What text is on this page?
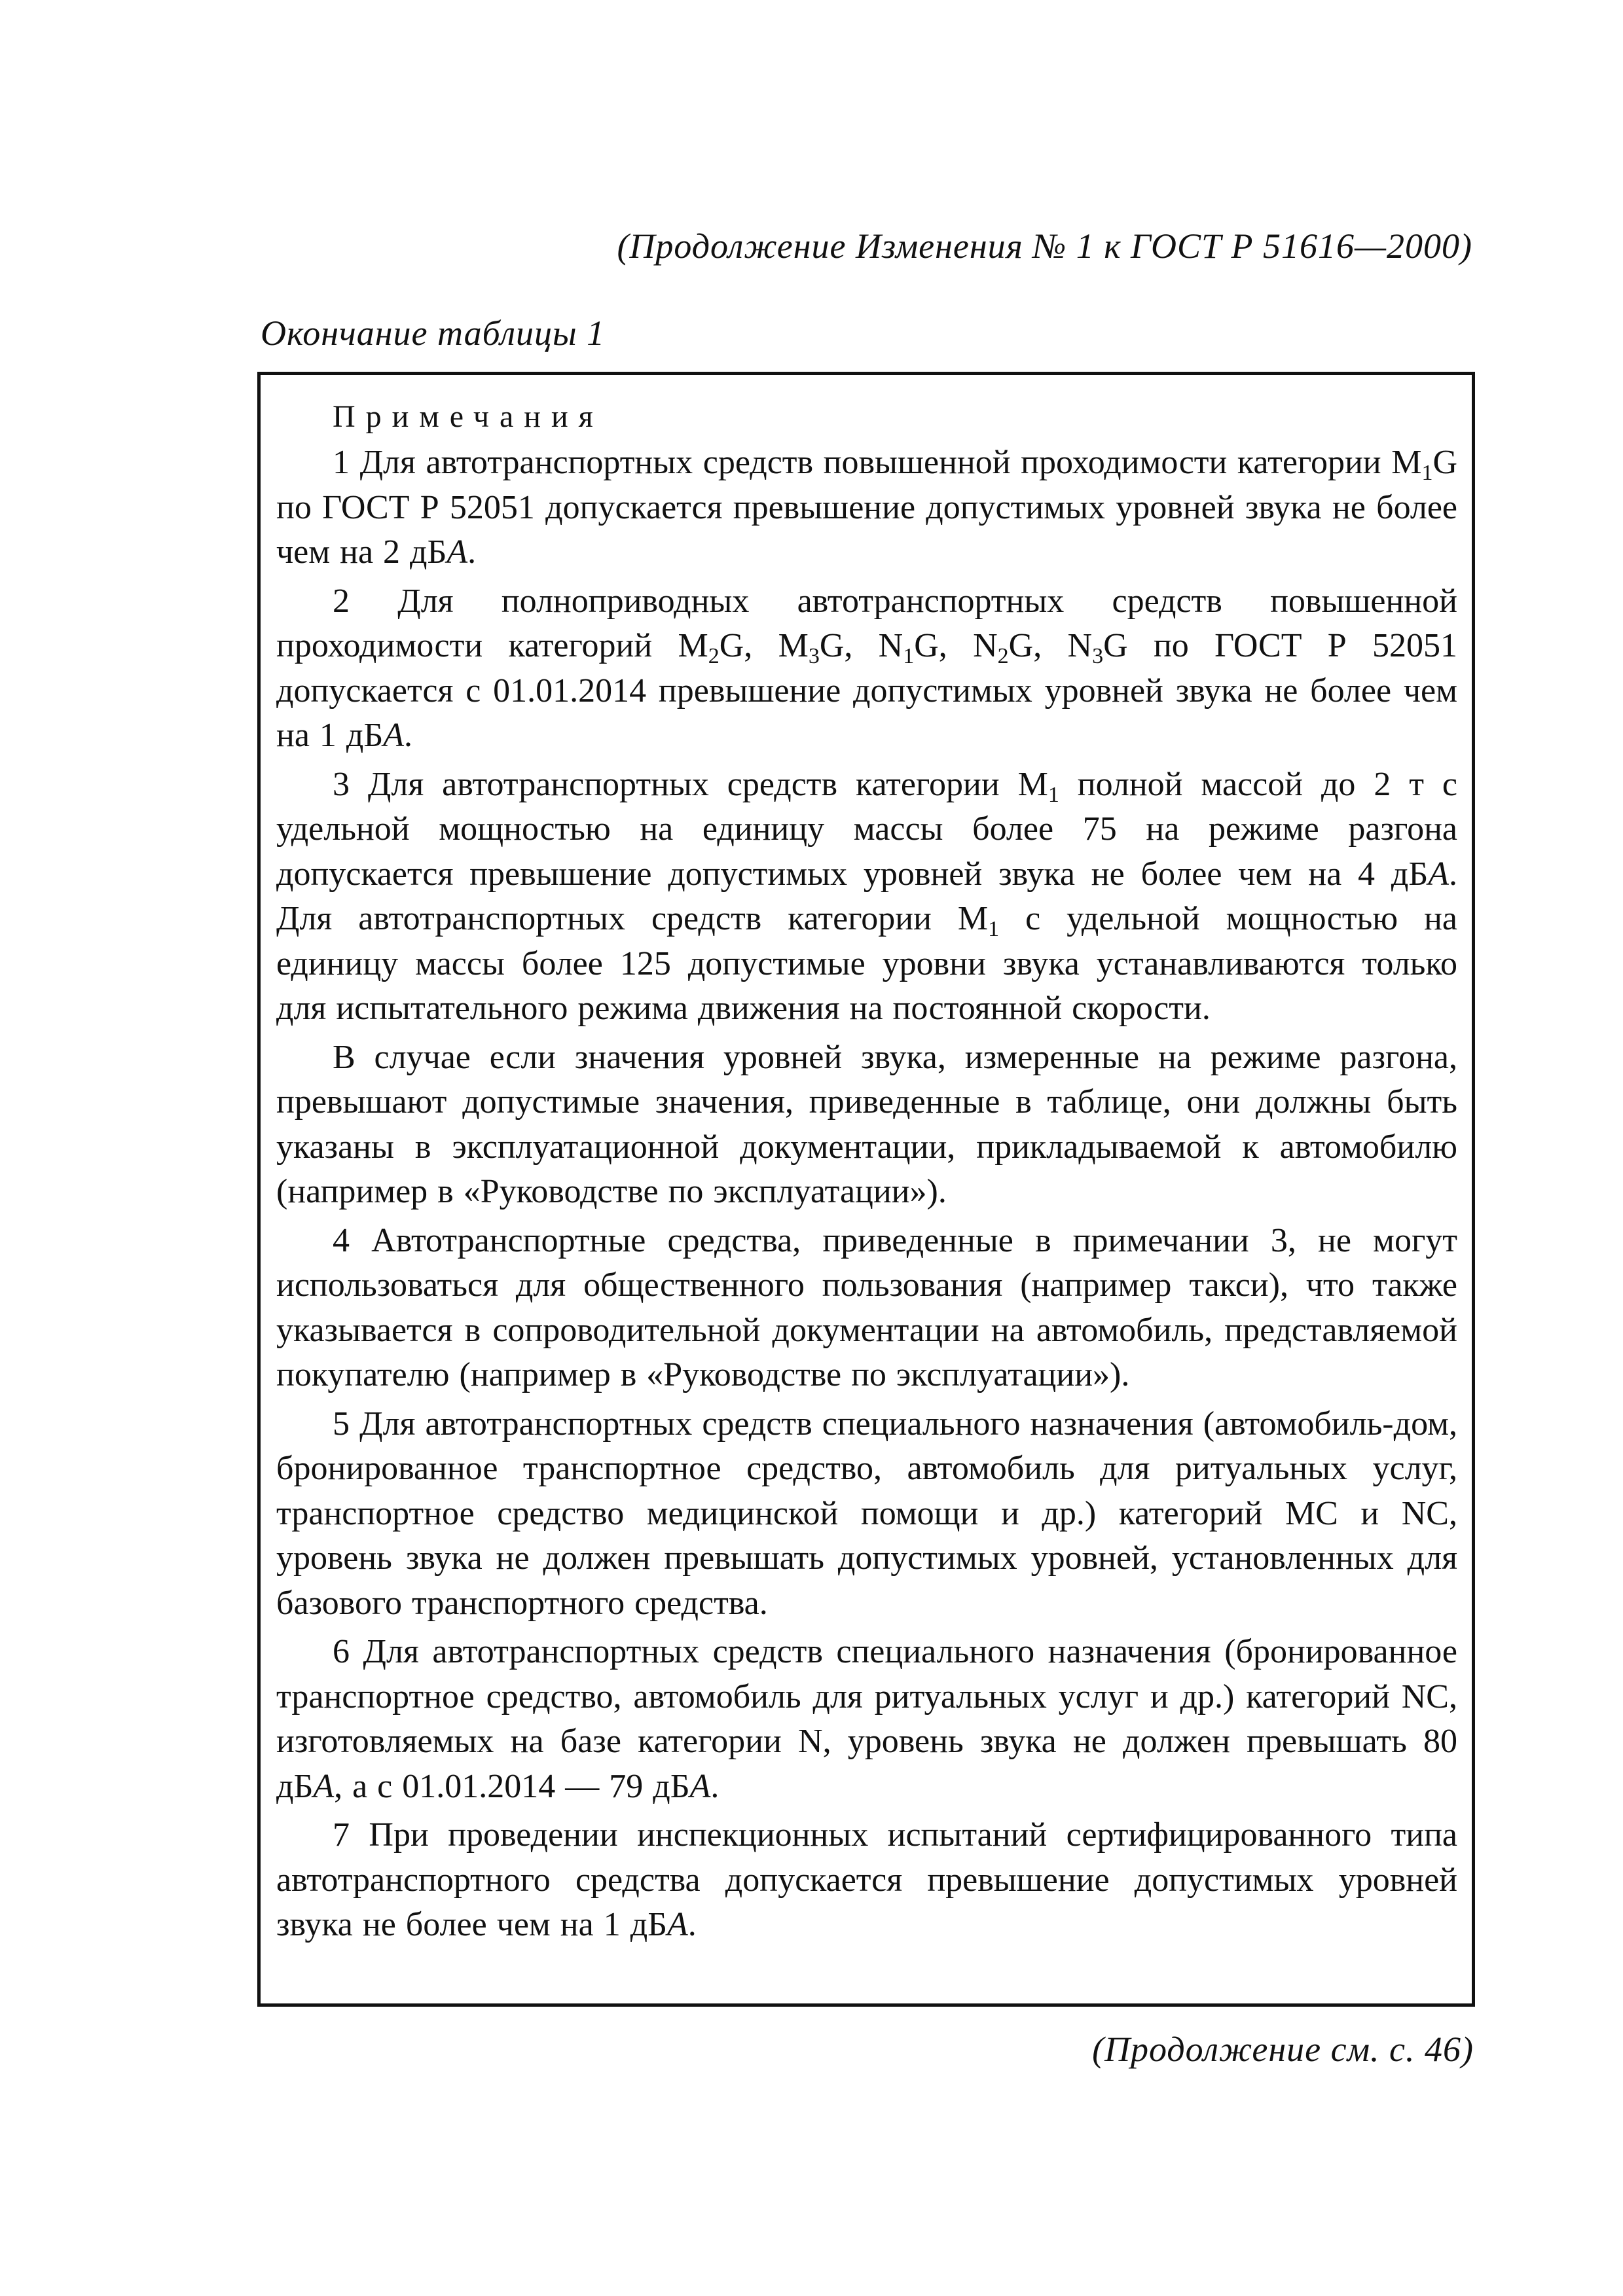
(Продолжение Изменения № 1 к ГОСТ Р 51616—2000)
Окончание таблицы 1
Примечания

1 Для автотранспортных средств повышенной проходимости категории $M_1G$ по ГОСТ Р 52051 допускается превышение допустимых уровней звука не более чем на 2 дБА.

2 Для полноприводных автотранспортных средств повышенной проходимости категорий $M_2G$, $M_3G$, $N_1G$, $N_2G$, $N_3G$ по ГОСТ Р 52051 допускается с 01.01.2014 превышение допустимых уровней звука не более чем на 1 дБА.

3 Для автотранспортных средств категории $M_1$ полной массой до 2 т с удельной мощностью на единицу массы более 75 на режиме разгона допускается превышение допустимых уровней звука не более чем на 4 дБА. Для автотранспортных средств категории $M_1$ с удельной мощностью на единицу массы более 125 допустимые уровни звука устанавливаются только для испытательного режима движения на постоянной скорости.

В случае если значения уровней звука, измеренные на режиме разгона, превышают допустимые значения, приведенные в таблице, они должны быть указаны в эксплуатационной документации, прикладываемой к автомобилю (например в «Руководстве по эксплуатации»).

4 Автотранспортные средства, приведенные в примечании 3, не могут использоваться для общественного пользования (например такси), что также указывается в сопроводительной документации на автомобиль, представляемой покупателю (например в «Руководстве по эксплуатации»).

5 Для автотранспортных средств специального назначения (автомобиль-дом, бронированное транспортное средство, автомобиль для ритуальных услуг, транспортное средство медицинской помощи и др.) категорий MC и NC, уровень звука не должен превышать допустимых уровней, установленных для базового транспортного средства.

6 Для автотранспортных средств специального назначения (бронированное транспортное средство, автомобиль для ритуальных услуг и др.) категорий NC, изготовляемых на базе категории N, уровень звука не должен превышать 80 дБА, а с 01.01.2014 — 79 дБА.

7 При проведении инспекционных испытаний сертифицированного типа автотранспортного средства допускается превышение допустимых уровней звука не более чем на 1 дБА.

(Продолжение см. с. 46)
